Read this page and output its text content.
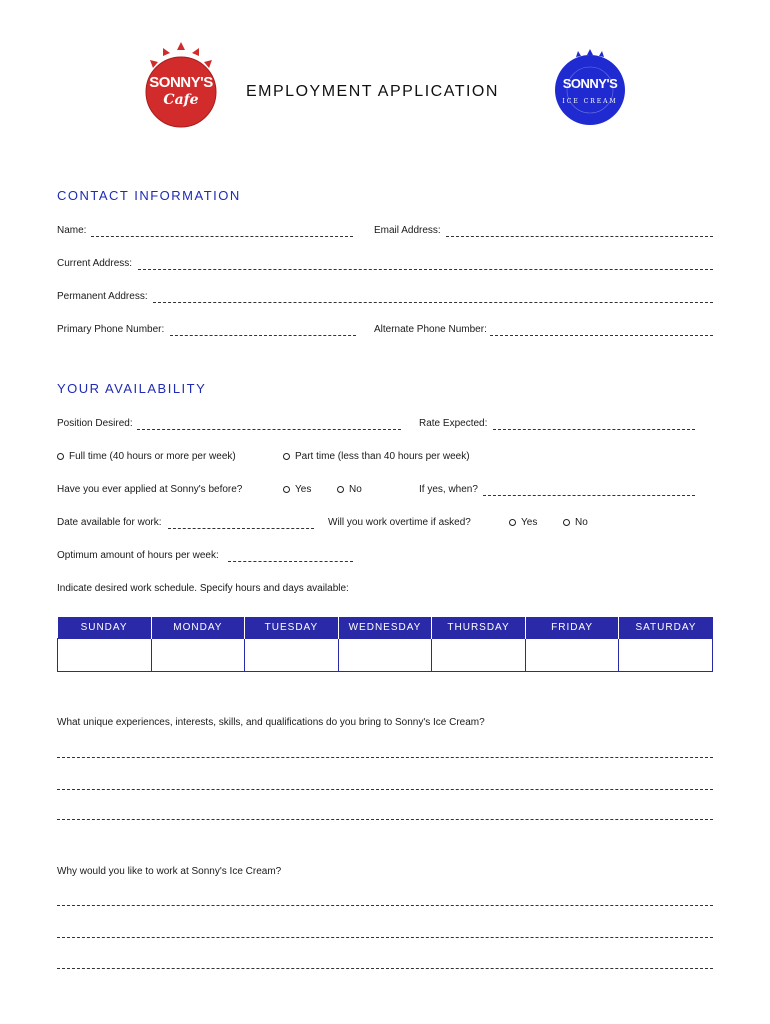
SONNY'S
Cafe	EMPLOYMENT APPLICATION	SONNY'S
ICE CREAM
CONTACT INFORMATION
Name:	Email Address:
Current Address:
Permanent Address:
Primary Phone Number:	Alternate Phone Number:
YOUR AVAILABILITY
Position Desired:	Rate Expected:
Full time (40 hours or more per week)	Part time (less than 40 hours per week)
Have you ever applied at Sonny's before?	Yes	No	If yes, when?
Date available for work:	Will you work overtime if asked?	Yes	No
Optimum amount of hours per week:
Indicate desired work schedule. Specify hours and days available:
SUNDAY	MONDAY	TUESDAY	WEDNESDAY	THURSDAY	FRIDAY	SATURDAY

What unique experiences, interests, skills, and qualifications do you bring to Sonny's Ice Cream?
Why would you like to work at Sonny's Ice Cream?
